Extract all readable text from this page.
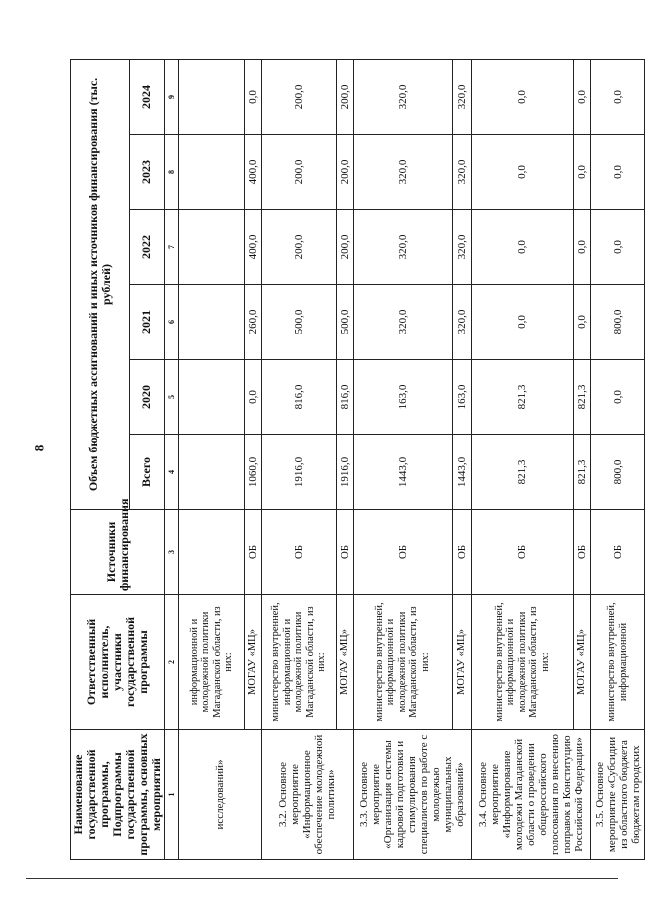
8
Наименование государственной программы, Подпрограммы государственной программы, основных мероприятий	Ответственный исполнитель, участники государственной программы	Источники финансирования	Объем бюджетных ассигнований и иных источников финансирования (тыс. рублей)					
			Всего	2020	2021	2022	2023	2024
1	2	3	4	5	6	7	8	9
исследований»	информационной и молодежной политики Магаданской области, из них:							
	МОГАУ «МЦ»	ОБ	1060,0	0,0	260,0	400,0	400,0	0,0
3.2. Основное мероприятие «Информационное обеспечение молодежной политики»	министерство внутренней, информационной и молодежной политики Магаданской области, из них:	ОБ	1916,0	816,0	500,0	200,0	200,0	200,0
	МОГАУ «МЦ»	ОБ	1916,0	816,0	500,0	200,0	200,0	200,0
3.3. Основное мероприятие «Организация системы кадровой подготовки и стимулирования специалистов по работе с молодежью муниципальных образований»	министерство внутренней, информационной и молодежной политики Магаданской области, из них:	ОБ	1443,0	163,0	320,0	320,0	320,0	320,0
	МОГАУ «МЦ»	ОБ	1443,0	163,0	320,0	320,0	320,0	320,0
3.4. Основное мероприятие «Информирование молодежи Магаданской области о проведении общероссийского голосования по внесению поправок в Конституцию Российской Федерации»	министерство внутренней, информационной и молодежной политики Магаданской области, из них:	ОБ	821,3	821,3	0,0	0,0	0,0	0,0
	МОГАУ «МЦ»	ОБ	821,3	821,3	0,0	0,0	0,0	0,0
3.5. Основное мероприятие «Субсидии из областного бюджета бюджетам городских	министерство внутренней, информационной	ОБ	800,0	0,0	800,0	0,0	0,0	0,0
